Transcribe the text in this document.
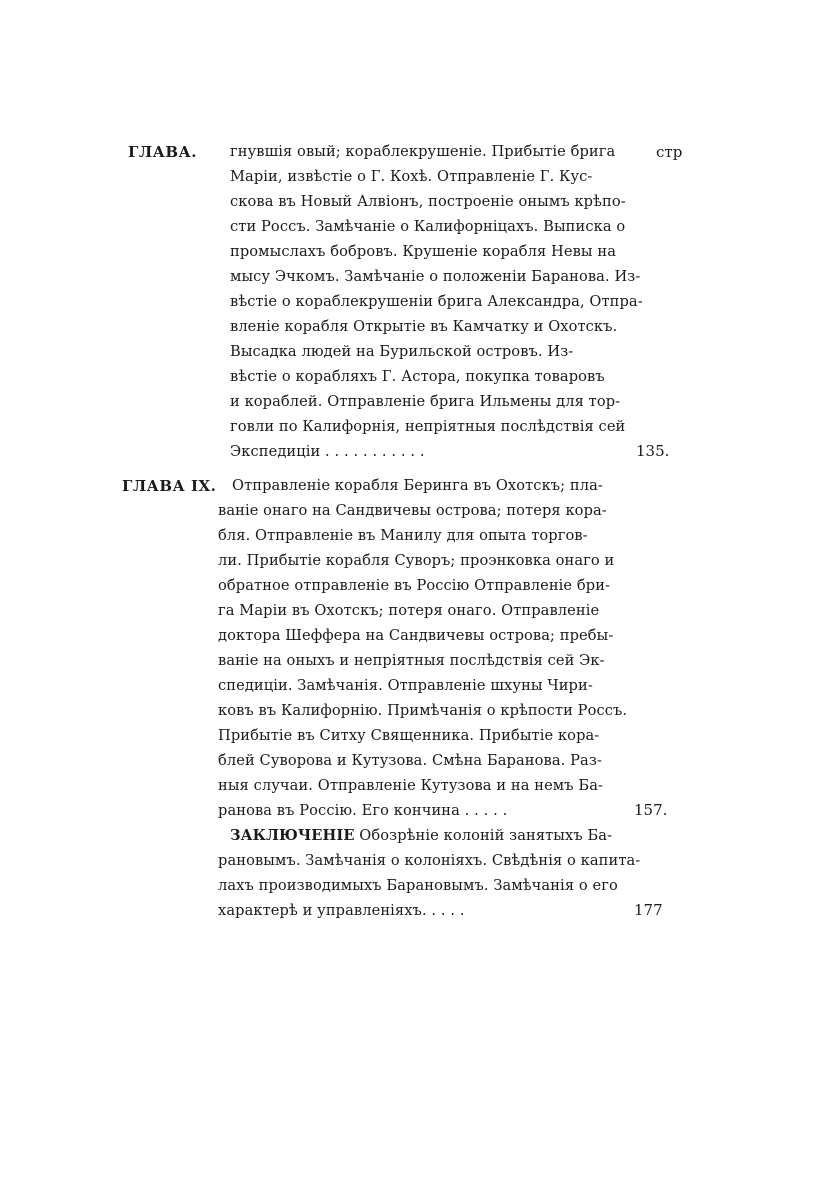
ГЛАВА.	стр
гнувшія овый; кораблекрушеніе. Прибытіе брига
Маріи, извѣстіе о Г. Кохѣ. Отправленіе Г. Кус-
скова въ Новый Алвіонъ, построеніе онымъ крѣпо-
сти Россъ. Замѣчаніе о Калифорніцахъ. Выписка о
промыслахъ бобровъ. Крушеніе корабля Невы на
мысу Эчкомъ. Замѣчаніе о положеніи Баранова. Из-
вѣстіе о кораблекрушеніи брига Александра, Отпра-
вленіе корабля Открытіе въ Камчатку и Охотскъ.
Высадка людей на Бурильской островъ. Из-
вѣстіе о корабляхъ Г. Астора, покупка товаровъ
и кораблей. Отправленіе брига Ильмены для тор-
говли по Калифорнія, непріятныя послѣдствія сей
Экспедиціи . . . . . . . . . . .	135.
ГЛАВА IX. Отправленіе корабля Беринга въ Охотскъ; пла-
ваніе онаго на Сандвичевы острова; потеря кора-
бля. Отправленіе въ Манилу для опыта торгов-
ли. Прибытіе корабля Суворъ; проэнковка онаго и
обратное отправленіе въ Россію Отправленіе бри-
га Маріи въ Охотскъ; потеря онаго. Отправленіе
доктора Шеффера на Сандвичевы острова; пребы-
ваніе на оныхъ и непріятныя послѣдствія сей Эк-
спедиціи. Замѣчанія. Отправленіе шхуны Чири-
ковъ въ Калифорнію. Примѣчанія о крѣпости Россъ.
Прибытіе въ Ситху Священника. Прибытіе кора-
блей Суворова и Кутузова. Смѣна Баранова. Раз-
ныя случаи. Отправленіе Кутузова и на немъ Ба-
ранова въ Россію. Его кончина . . . . .	157.
ЗАКЛЮЧЕНІЕ Обозрѣніе колоній занятыхъ Ба-
рановымъ. Замѣчанія о колоніяхъ. Свѣдѣнія о капита-
лахъ производимыхъ Барановымъ. Замѣчанія о его
характерѣ и управленіяхъ. . . . .	177
